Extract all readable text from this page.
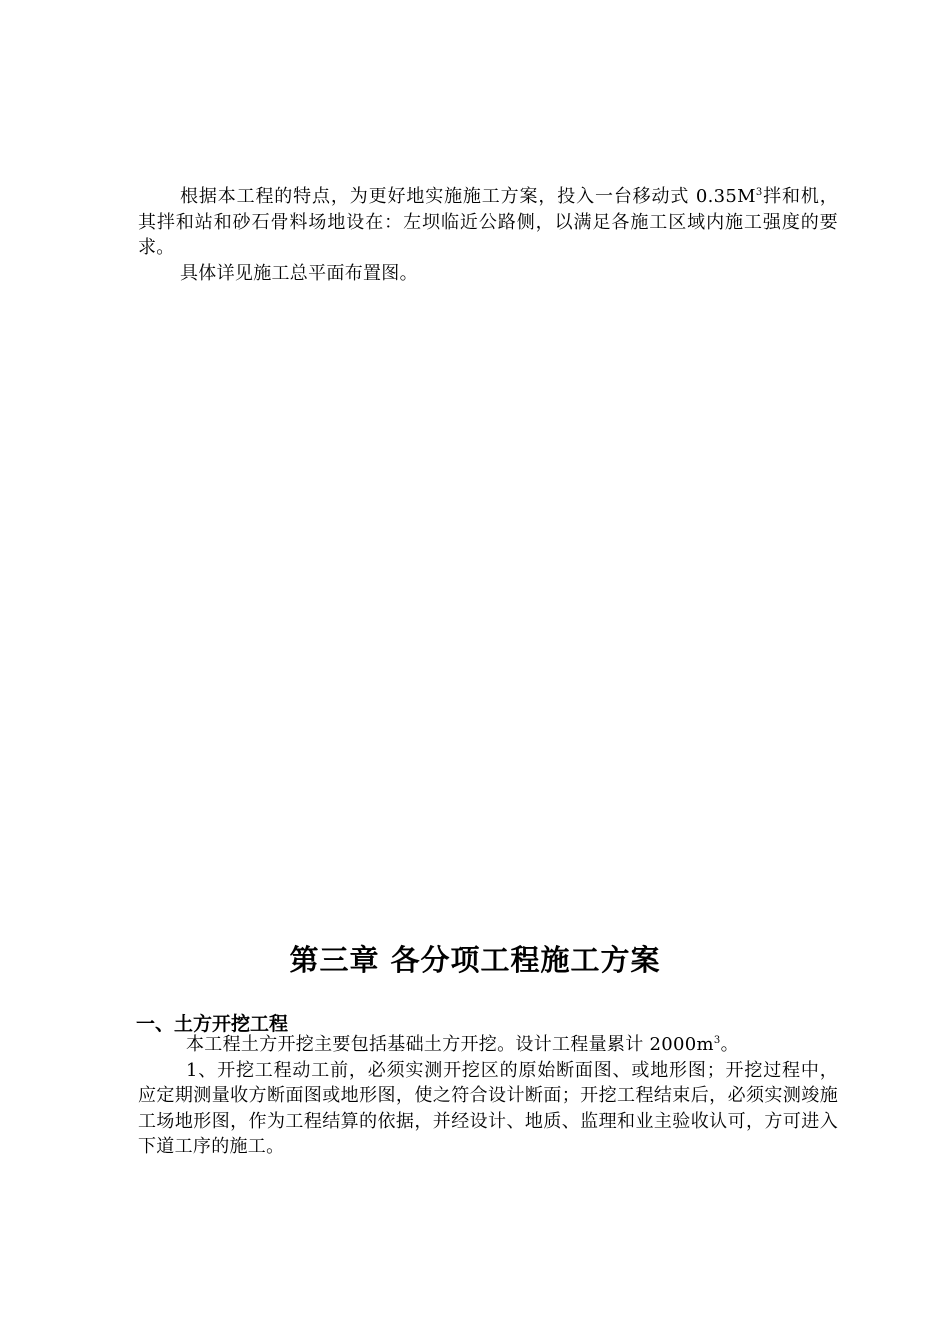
根据本工程的特点，为更好地实施施工方案，投入一台移动式 $0.35M^3$拌和机，其拌和站和砂石骨料场地设在：左坝临近公路侧，以满足各施工区域内施工强度的要求。

具体详见施工总平面布置图。

第三章 各分项工程施工方案
一、土方开挖工程

本工程土方开挖主要包括基础土方开挖。设计工程量累计 $2000m^3$。

1、开挖工程动工前，必须实测开挖区的原始断面图、或地形图；开挖过程中，应定期测量收方断面图或地形图，使之符合设计断面；开挖工程结束后，必须实测竣施工场地形图，作为工程结算的依据，并经设计、地质、监理和业主验收认可，方可进入下道工序的施工。
